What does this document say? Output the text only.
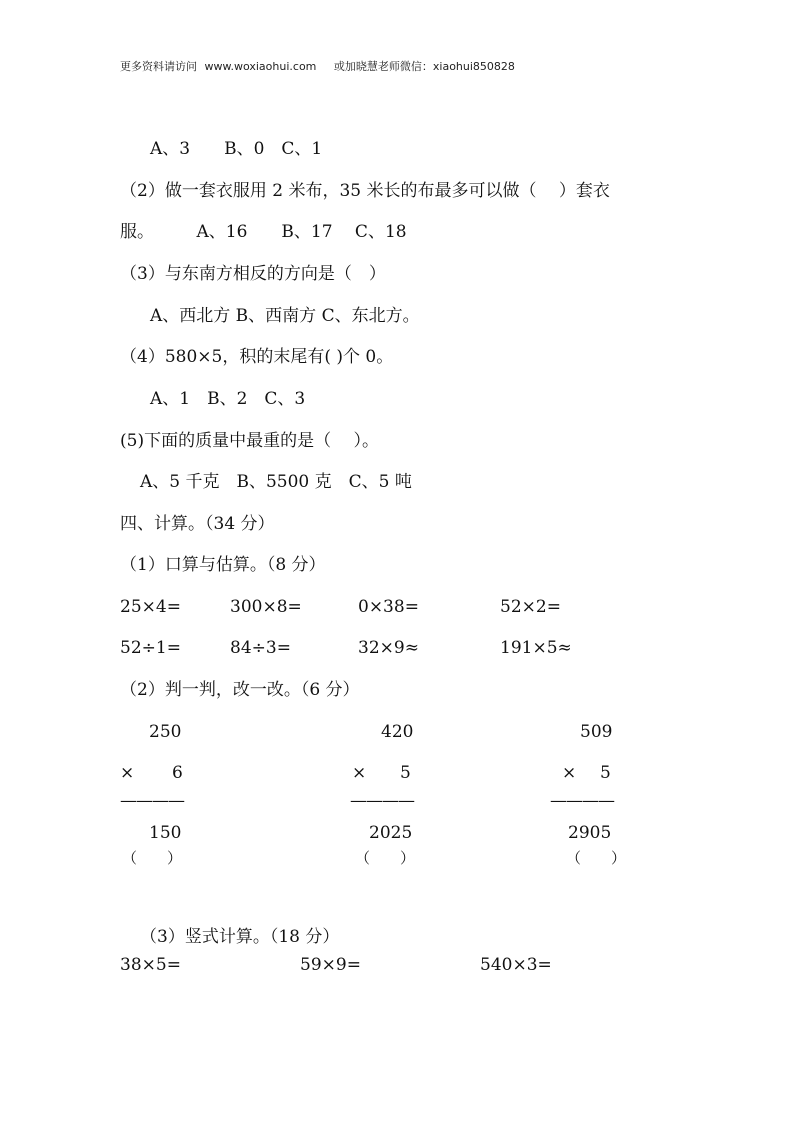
更多资料请访问 www.woxiaohui.com 或加晓慧老师微信：xiaohui850828
A、3　　B、0　C、1
（2）做一套衣服用 2 米布，35 米长的布最多可以做（　 ）套衣
服。　　　A、16　　B、17　 C、18
（3）与东南方相反的方向是（　）
A、西北方 B、西南方 C、东北方。
（4）580×5，积的末尾有( )个 0。
A、1　B、2　C、3
(5)下面的质量中最重的是（　 ）。
A、5 千克　B、5500 克　C、5 吨
四、计算。（34 分）
（1）口算与估算。（8 分）
25×4=	300×8=	0×38=	52×2=
52÷1=	84÷3=	32×9≈	191×5≈
（2）判一判，改一改。（6 分）
250
× 6
————
150
（　　）
420
× 5
————
2025
（　　）
509
× 5
————
2905
（　　）
（3）竖式计算。（18 分）
38×5=	59×9=	540×3=
